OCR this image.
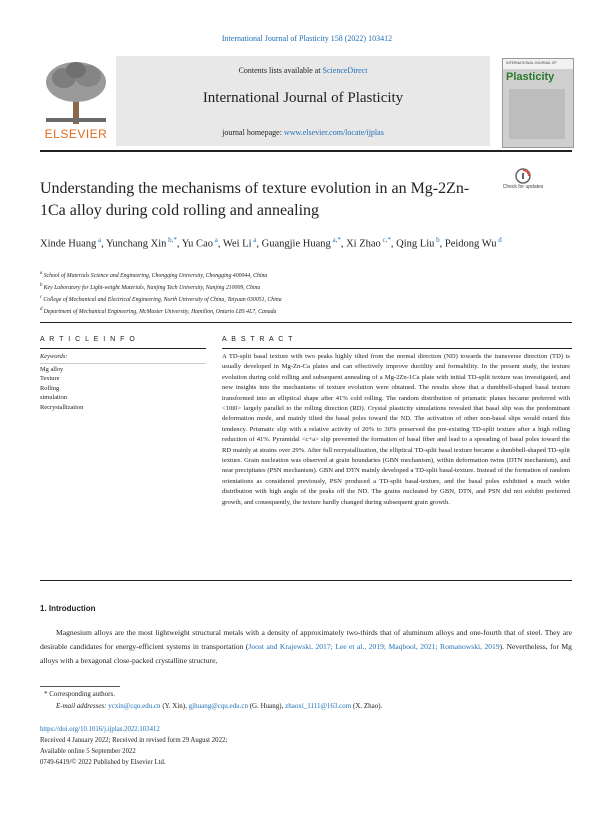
International Journal of Plasticity 158 (2022) 103412
ELSEVIER
Contents lists available at ScienceDirect
International Journal of Plasticity
journal homepage: www.elsevier.com/locate/ijplas
INTERNATIONAL JOURNAL OF
Plasticity
Understanding the mechanisms of texture evolution in an Mg-2Zn-1Ca alloy during cold rolling and annealing
Check for updates
Xinde Huang $^a$, Yunchang Xin $^{b,*}$, Yu Cao $^a$, Wei Li $^a$, Guangjie Huang $^{a,*}$, Xi Zhao $^{c,*}$, Qing Liu $^b$, Peidong Wu $^d$
$^a$ School of Materials Science and Engineering, Chongqing University, Chongqing 400044, China
$^b$ Key Laboratory for Light-weight Materials, Nanjing Tech University, Nanjing 210009, China
$^c$ College of Mechanical and Electrical Engineering, North University of China, Taiyuan 030051, China
$^d$ Department of Mechanical Engineering, McMaster University, Hamilton, Ontario L8S 4L7, Canada
A R T I C L E I N F O	A B S T R A C T
Keywords:
Mg alloy
Texture
Rolling
simulation
Recrystallization
A TD-split basal texture with two peaks highly tilted from the normal direction (ND) towards the transverse direction (TD) is usually developed in Mg-Zn-Ca plates and can effectively improve ductility and formability. In the present study, the texture evolution during cold rolling and subsequent annealing of a Mg-2Zn-1Ca plate with initial TD-split texture was investigated, and new insights into the mechanisms of texture evolution were obtained. The results show that a dumbbell-shaped basal texture transformed into an elliptical shape after 41% cold rolling. The random distribution of prismatic planes became preferred with <10ī0> largely parallel to the rolling direction (RD). Crystal plasticity simulations revealed that basal slip was the predominant deformation mode, and mainly tilted the basal poles toward the ND. The activation of other non-basal slips would retard this tendency. Prismatic slip with a relative activity of 20% to 30% preserved the pre-existing TD-split texture after a high rolling reduction of 41%. Pyramidal <c+a> slip prevented the formation of basal fiber and lead to a spreading of basal poles toward the RD mainly at strains over 29%. After full recrystallization, the elliptical TD-split basal texture became a dumbbell-shaped TD-split texture. Grain nucleation was observed at grain boundaries (GBN mechanism), within deformation twins (DTN mechanism), and near precipitates (PSN mechanism). GBN and DTN mainly developed a TD-split basal-texture. Instead of the formation of random orientations as considered previously, PSN produced a TD-split basal-texture, and the basal poles exhibited a much wider distribution with high angle of the peaks off the ND. The grains nucleated by GBN, DTN, and PSN did not exhibit preferred growth, and consequently, the texture hardly changed during subsequent grain growth.
1. Introduction
Magnesium alloys are the most lightweight structural metals with a density of approximately two-thirds that of aluminum alloys and one-fourth that of steel. They are desirable candidates for energy-efficient systems in transportation (Joost and Krajewski, 2017; Lee et al., 2019; Maqbool, 2021; Romanowski, 2019). Nevertheless, for Mg alloys with a hexagonal close-packed crystalline structure,
* Corresponding authors.
E-mail addresses: ycxin@cqu.edu.cn (Y. Xin), gjhuang@cqu.edu.cn (G. Huang), zhaoxi_1111@163.com (X. Zhao).
https://doi.org/10.1016/j.ijplas.2022.103412
Received 4 January 2022; Received in revised form 29 August 2022;
Available online 5 September 2022
0749-6419/© 2022 Published by Elsevier Ltd.
